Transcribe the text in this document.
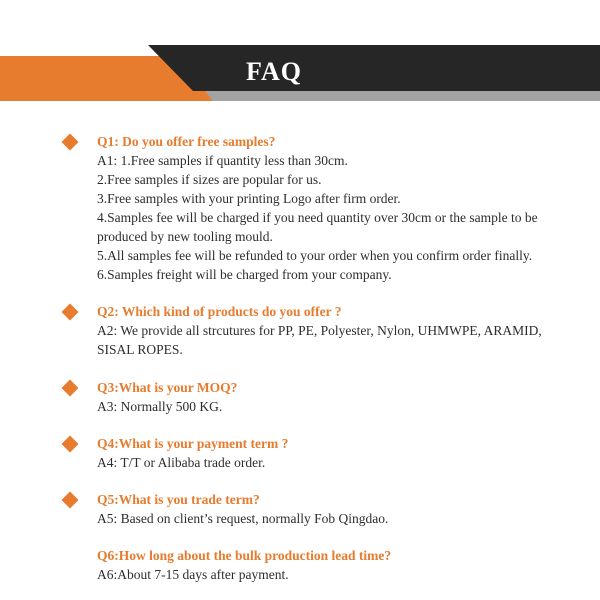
FAQ
Q1: Do you offer free samples?
A1: 1.Free samples if quantity less than 30cm.
2.Free samples if sizes are popular for us.
3.Free samples with your printing Logo after firm order.
4.Samples fee will be charged if you need quantity over 30cm or the sample to be produced by new tooling mould.
5.All samples fee will be refunded to your order when you confirm order finally.
6.Samples freight will be charged from your company.
Q2: Which kind of products do you offer ?
A2: We provide all strcutures for PP, PE, Polyester, Nylon, UHMWPE, ARAMID, SISAL ROPES.
Q3:What is your MOQ?
A3: Normally 500 KG.
Q4:What is your payment term ?
A4: T/T or Alibaba trade order.
Q5:What is you trade term?
A5: Based on client’s request, normally Fob Qingdao.
Q6:How long about the bulk production lead time?
A6:About 7-15 days after payment.
